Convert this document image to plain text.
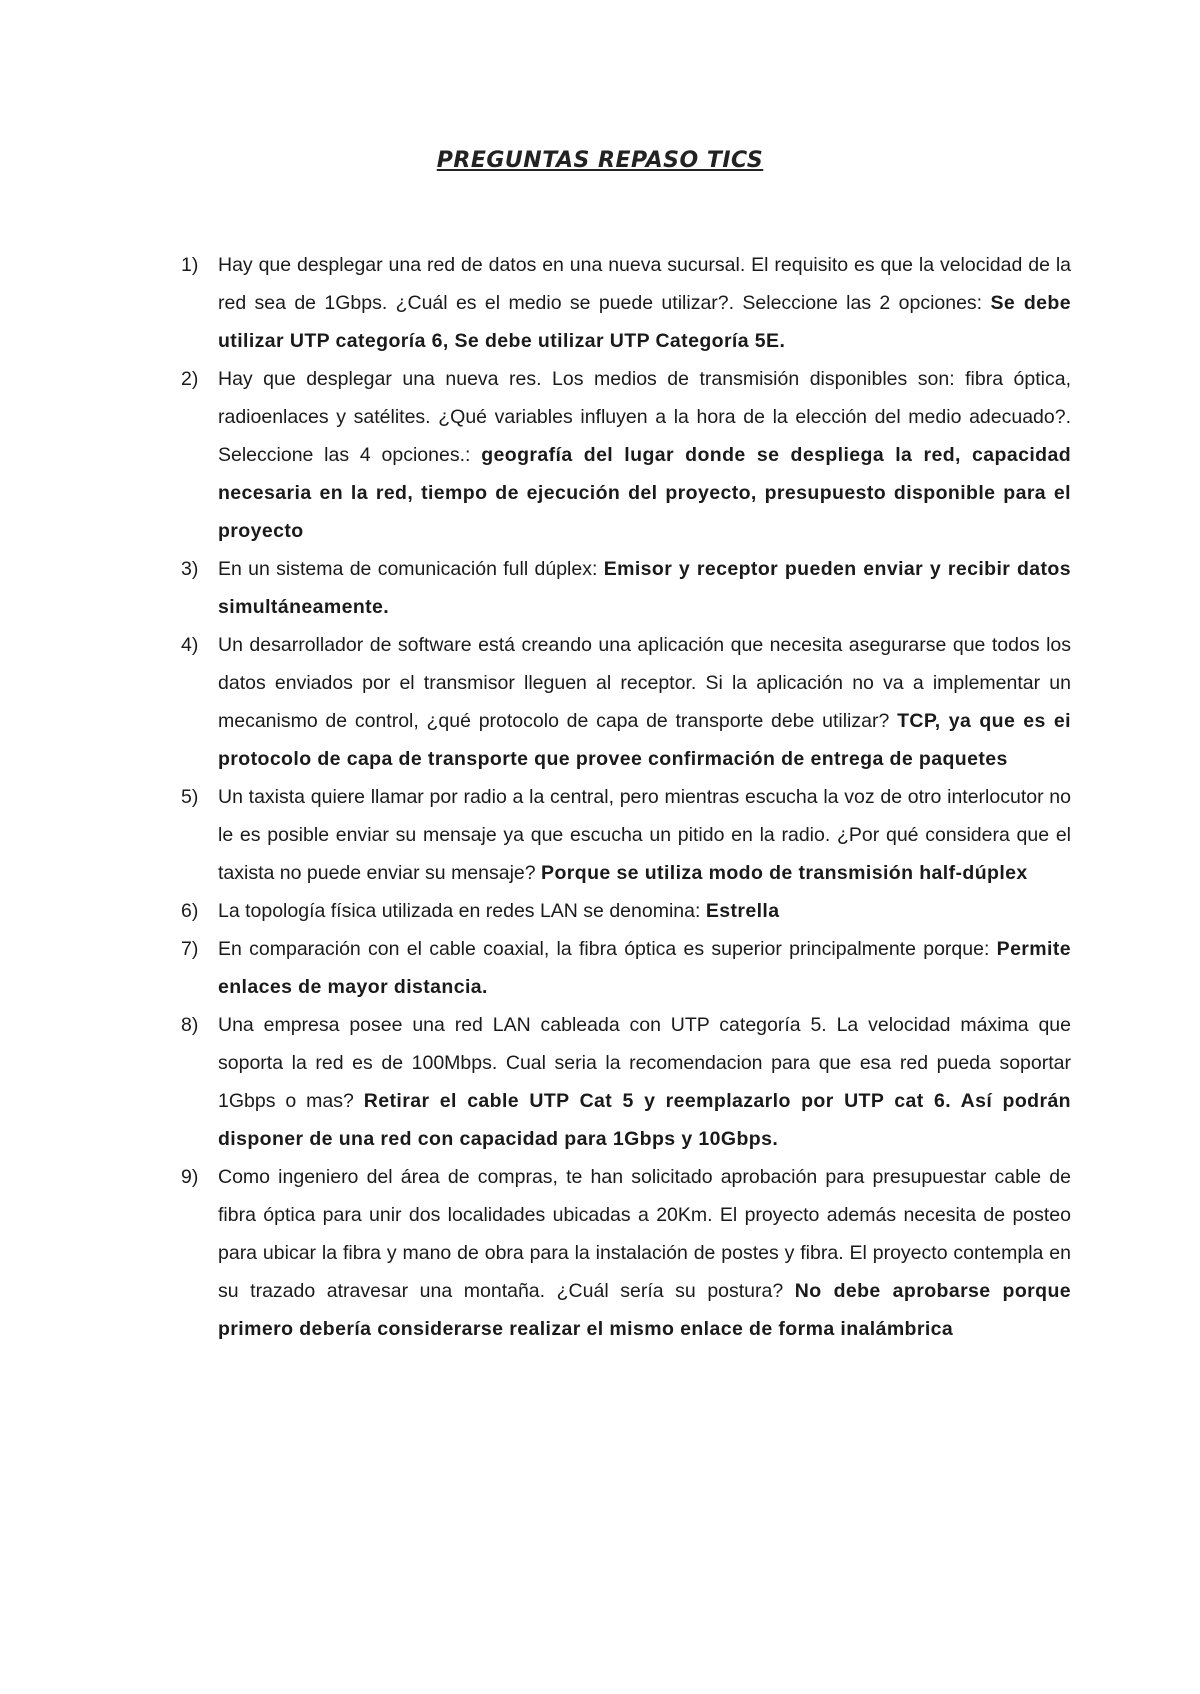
PREGUNTAS REPASO TICS
1) Hay que desplegar una red de datos en una nueva sucursal. El requisito es que la velocidad de la red sea de 1Gbps. ¿Cuál es el medio se puede utilizar?. Seleccione las 2 opciones: Se debe utilizar UTP categoría 6, Se debe utilizar UTP Categoría 5E.
2) Hay que desplegar una nueva res. Los medios de transmisión disponibles son: fibra óptica, radioenlaces y satélites. ¿Qué variables influyen a la hora de la elección del medio adecuado?. Seleccione las 4 opciones.: geografía del lugar donde se despliega la red, capacidad necesaria en la red, tiempo de ejecución del proyecto, presupuesto disponible para el proyecto
3) En un sistema de comunicación full dúplex: Emisor y receptor pueden enviar y recibir datos simultáneamente.
4) Un desarrollador de software está creando una aplicación que necesita asegurarse que todos los datos enviados por el transmisor lleguen al receptor. Si la aplicación no va a implementar un mecanismo de control, ¿qué protocolo de capa de transporte debe utilizar? TCP, ya que es ei protocolo de capa de transporte que provee confirmación de entrega de paquetes
5) Un taxista quiere llamar por radio a la central, pero mientras escucha la voz de otro interlocutor no le es posible enviar su mensaje ya que escucha un pitido en la radio. ¿Por qué considera que el taxista no puede enviar su mensaje? Porque se utiliza modo de transmisión half-dúplex
6) La topología física utilizada en redes LAN se denomina: Estrella
7) En comparación con el cable coaxial, la fibra óptica es superior principalmente porque: Permite enlaces de mayor distancia.
8) Una empresa posee una red LAN cableada con UTP categoría 5. La velocidad máxima que soporta la red es de 100Mbps. Cual seria la recomendacion para que esa red pueda soportar 1Gbps o mas? Retirar el cable UTP Cat 5 y reemplazarlo por UTP cat 6. Así podrán disponer de una red con capacidad para 1Gbps y 10Gbps.
9) Como ingeniero del área de compras, te han solicitado aprobación para presupuestar cable de fibra óptica para unir dos localidades ubicadas a 20Km. El proyecto además necesita de posteo para ubicar la fibra y mano de obra para la instalación de postes y fibra. El proyecto contempla en su trazado atravesar una montaña. ¿Cuál sería su postura? No debe aprobarse porque primero debería considerarse realizar el mismo enlace de forma inalámbrica
